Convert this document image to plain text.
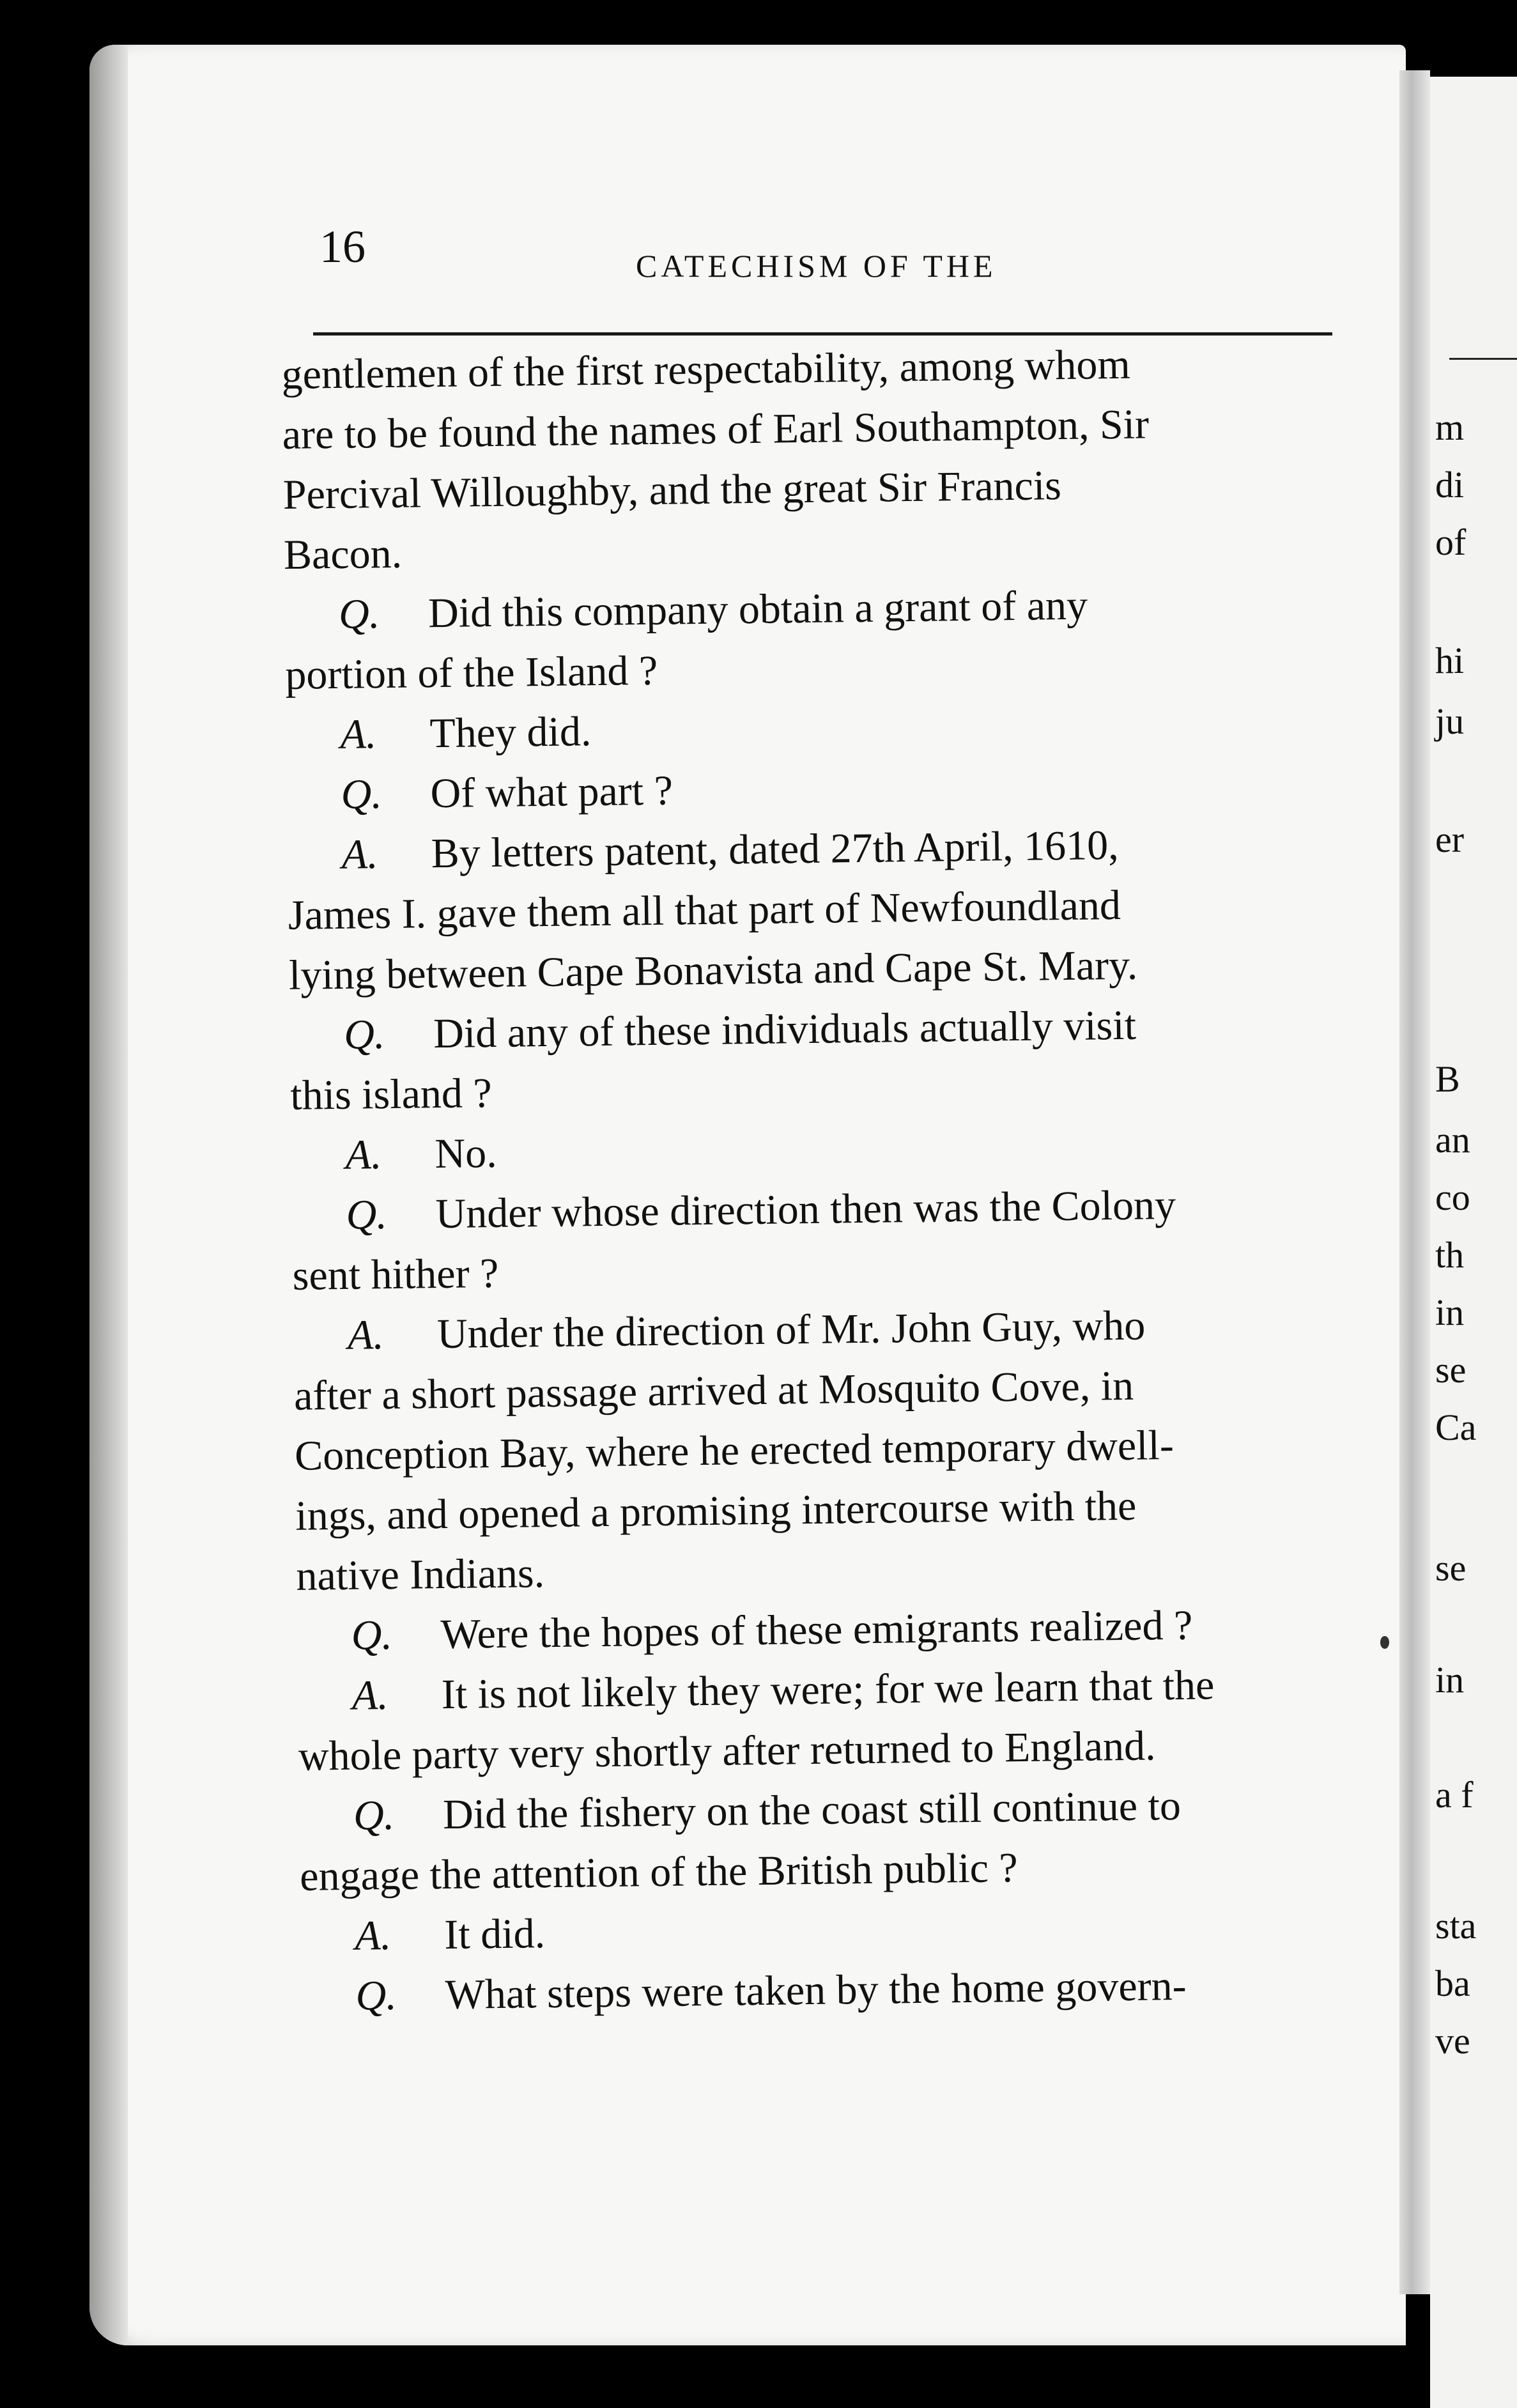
m
di
of
hi
ju
er
B
an
co
th
in
se
Ca
se
in
a f
sta
ba
ve
16	CATECHISM OF THE
gentlemen of the first respectability, among whom
are to be found the names of Earl Southampton, Sir
Percival Willoughby, and the great Sir Francis
Bacon.
Q.	Did this company obtain a grant of any
portion of the Island ?
A.	They did.
Q.	Of what part ?
A.	By letters patent, dated 27th April, 1610,
James I. gave them all that part of Newfoundland
lying between Cape Bonavista and Cape St. Mary.
Q.	Did any of these individuals actually visit
this island ?
A.	No.
Q.	Under whose direction then was the Colony
sent hither ?
A.	Under the direction of Mr. John Guy, who
after a short passage arrived at Mosquito Cove, in
Conception Bay, where he erected temporary dwell-
ings, and opened a promising intercourse with the
native Indians.
Q.	Were the hopes of these emigrants realized ?
A.	It is not likely they were; for we learn that the
whole party very shortly after returned to England.
Q.	Did the fishery on the coast still continue to
engage the attention of the British public ?
A.	It did.
Q.	What steps were taken by the home govern-
